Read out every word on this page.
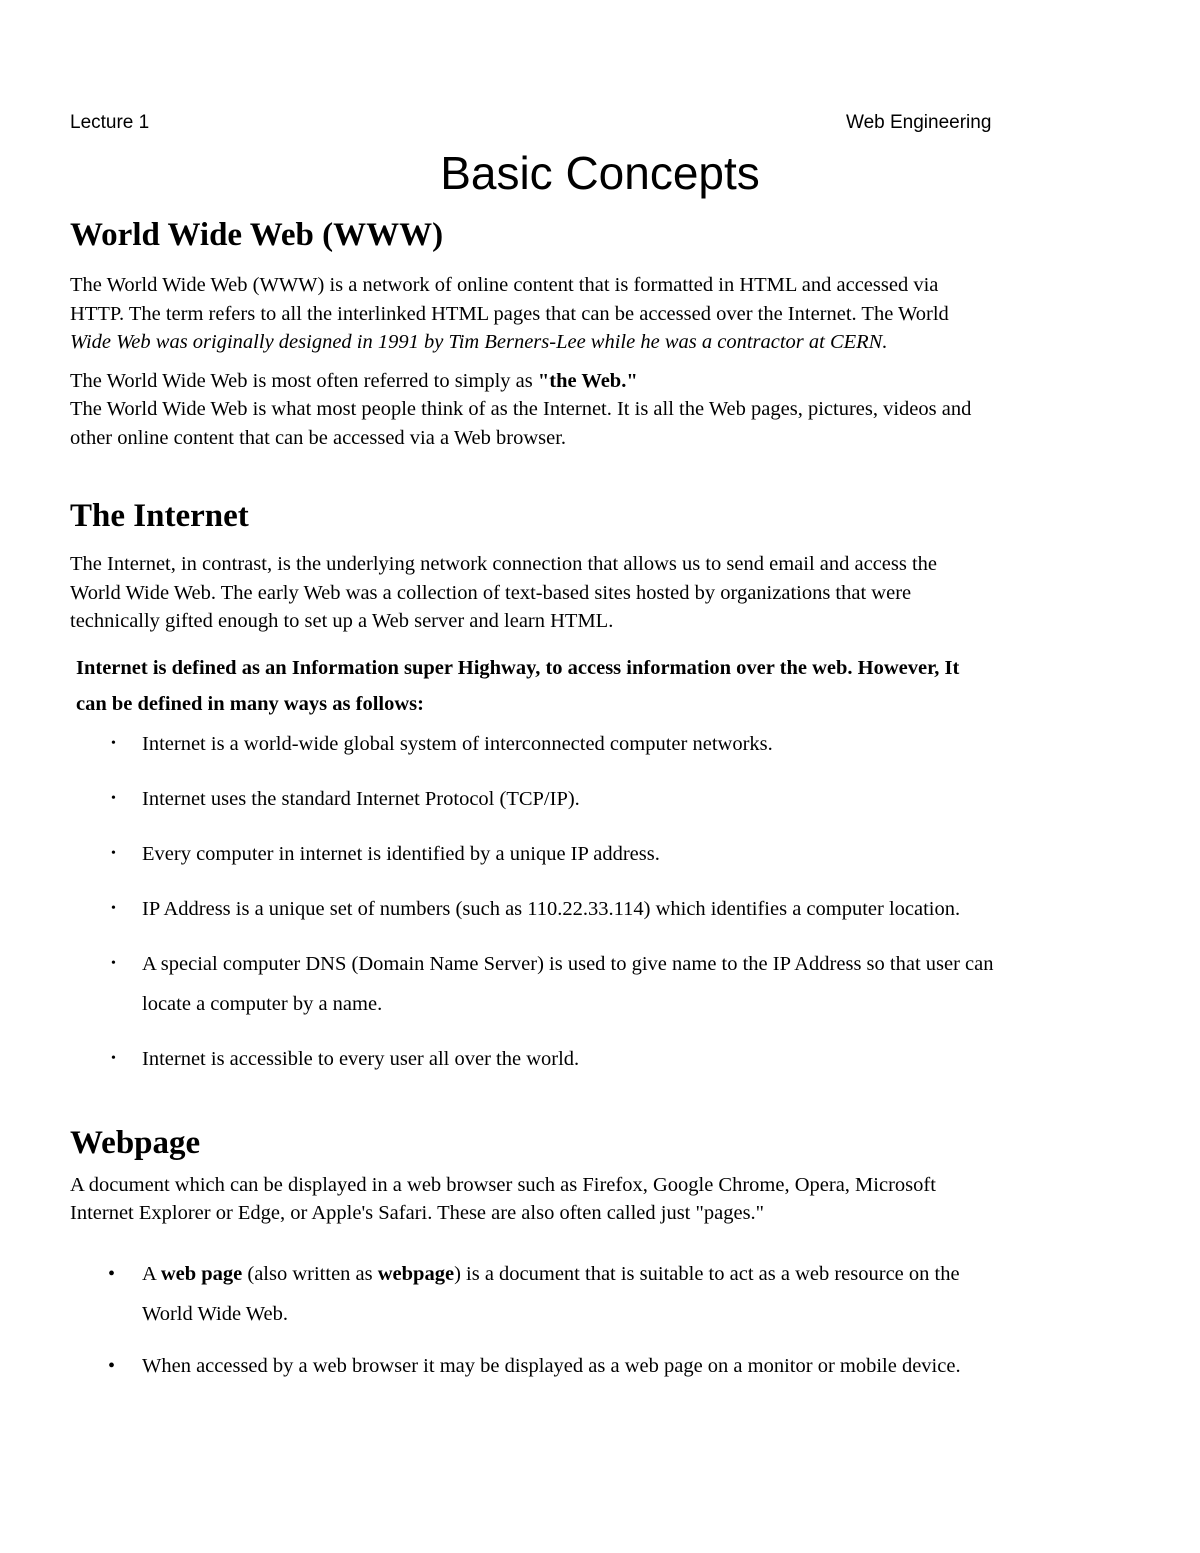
Lecture 1	Web Engineering
Basic Concepts
World Wide Web (WWW)

The World Wide Web (WWW) is a network of online content that is formatted in HTML and accessed via
HTTP. The term refers to all the interlinked HTML pages that can be accessed over the Internet. The World
Wide Web was originally designed in 1991 by Tim Berners-Lee while he was a contractor at CERN.

The World Wide Web is most often referred to simply as "the Web."

The World Wide Web is what most people think of as the Internet. It is all the Web pages, pictures, videos and
other online content that can be accessed via a Web browser.

The Internet

The Internet, in contrast, is the underlying network connection that allows us to send email and access the
World Wide Web. The early Web was a collection of text-based sites hosted by organizations that were
technically gifted enough to set up a Web server and learn HTML.

Internet is defined as an Information super Highway, to access information over the web. However, It
can be defined in many ways as follows:

• Internet is a world-wide global system of interconnected computer networks.
• Internet uses the standard Internet Protocol (TCP/IP).
• Every computer in internet is identified by a unique IP address.
• IP Address is a unique set of numbers (such as 110.22.33.114) which identifies a computer location.
• A special computer DNS (Domain Name Server) is used to give name to the IP Address so that user can
locate a computer by a name.
• Internet is accessible to every user all over the world.
Webpage

A document which can be displayed in a web browser such as Firefox, Google Chrome, Opera, Microsoft
Internet Explorer or Edge, or Apple's Safari. These are also often called just "pages."

• A web page (also written as webpage) is a document that is suitable to act as a web resource on the
World Wide Web.
• When accessed by a web browser it may be displayed as a web page on a monitor or mobile device.
